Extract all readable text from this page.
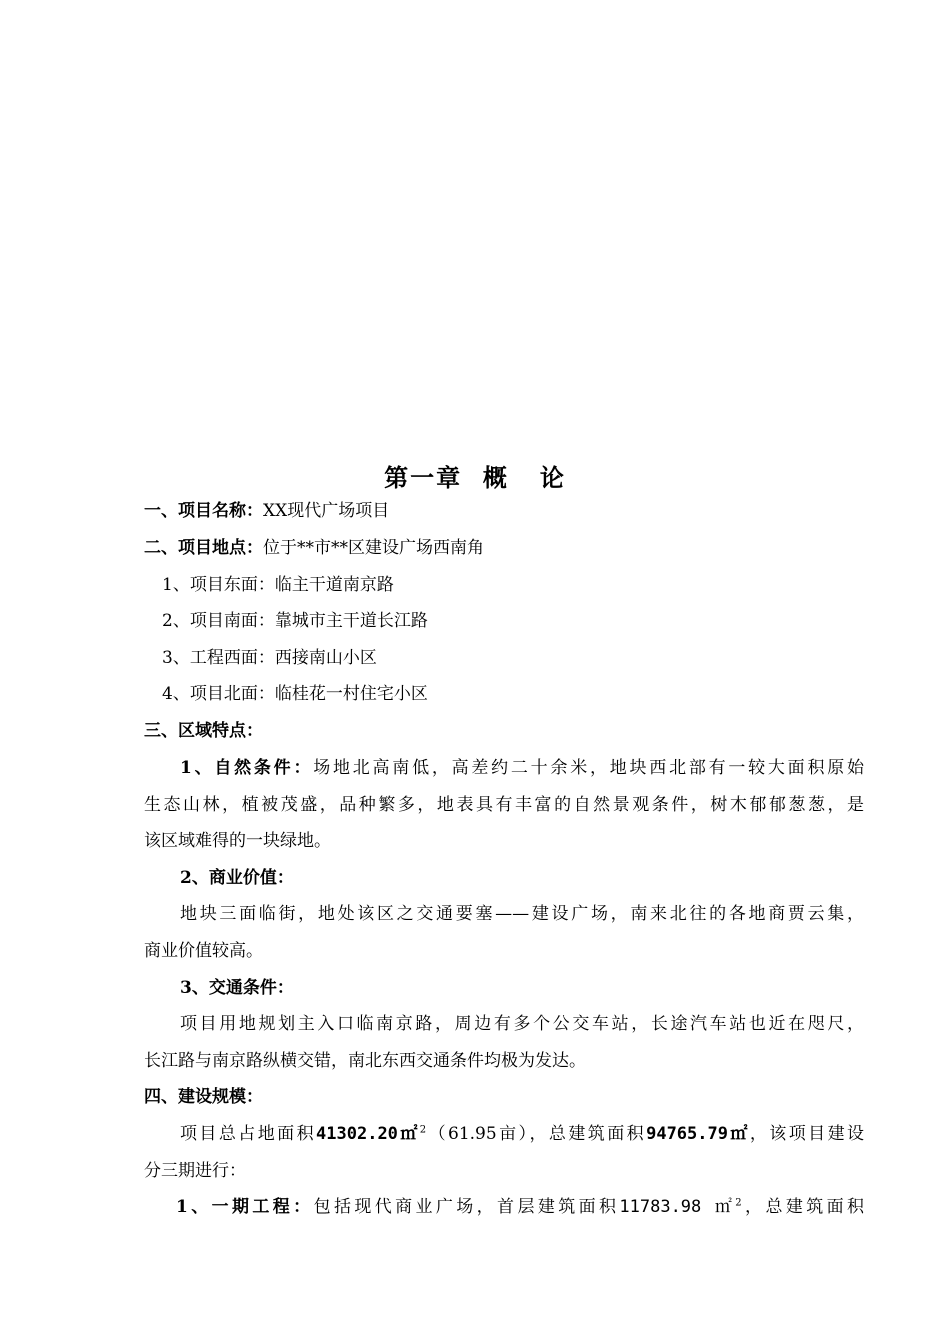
第一章  概   论
一、项目名称：XX现代广场项目
二、项目地点：位于**市**区建设广场西南角
1、项目东面：临主干道南京路
2、项目南面：靠城市主干道长江路
3、工程西面：西接南山小区
4、项目北面：临桂花一村住宅小区
三、区域特点：
1、自然条件：场地北高南低，高差约二十余米，地块西北部有一较大面积原始
生态山林，植被茂盛，品种繁多，地表具有丰富的自然景观条件，树木郁郁葱葱，是
该区域难得的一块绿地。
2、商业价值：
地块三面临街，地处该区之交通要塞——建设广场，南来北往的各地商贾云集，
商业价值较高。
3、交通条件：
项目用地规划主入口临南京路，周边有多个公交车站，长途汽车站也近在咫尺，
长江路与南京路纵横交错，南北东西交通条件均极为发达。
四、建设规模：
项目总占地面积41302.20㎡$^2$（61.95亩），总建筑面积94765.79㎡，该项目建设
分三期进行：
1、一期工程：包括现代商业广场，首层建筑面积11783.98 ㎡$^2$，总建筑面积
